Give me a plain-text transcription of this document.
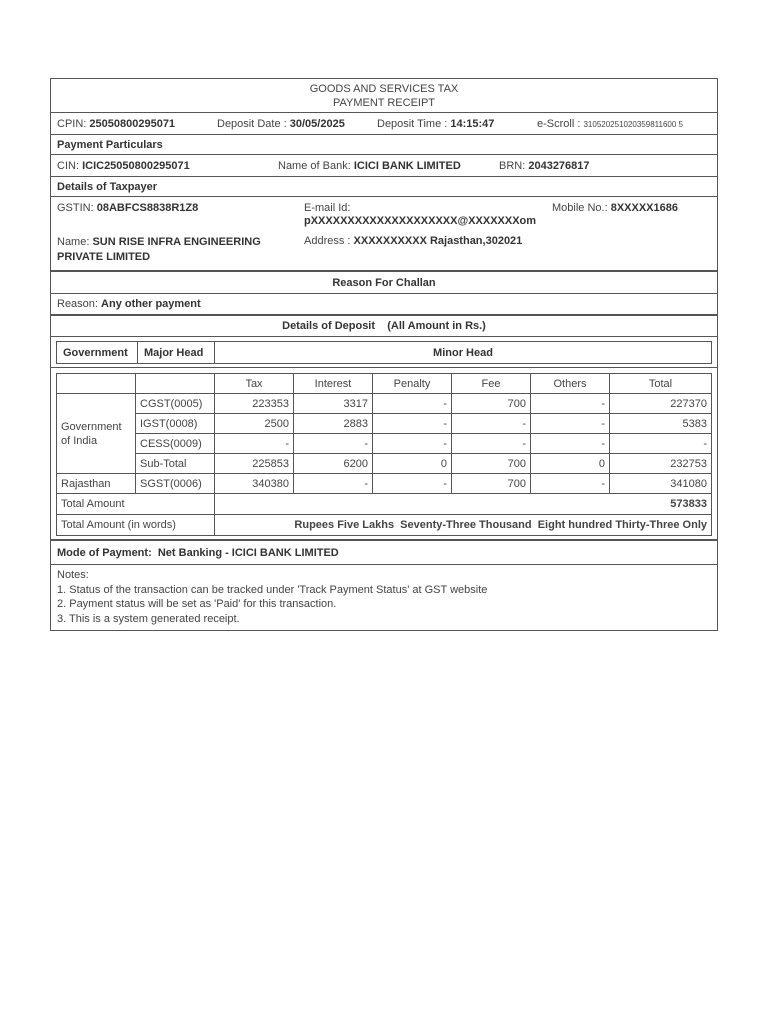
GOODS AND SERVICES TAX
PAYMENT RECEIPT
CPIN: 25050800295071	Deposit Date : 30/05/2025	Deposit Time : 14:15:47	e-Scroll : 310520251020359811600 5
Payment Particulars
CIN: ICIC25050800295071	Name of Bank: ICICI BANK LIMITED	BRN: 2043276817
Details of Taxpayer
GSTIN: 08ABFCS8838R1Z8	E-mail Id:
pXXXXXXXXXXXXXXXXXXXX@XXXXXXXom
Mobile No.: 8XXXXX1686
Name: SUN RISE INFRA ENGINEERING PRIVATE LIMITED
Address : XXXXXXXXXX Rajasthan,302021
Reason For Challan
Reason:
Any other payment
Details of Deposit (All Amount in Rs.)
Government	Major Head	Minor Head
		Tax	Interest	Penalty	Fee	Others	Total
Government of India	CGST(0005)	223353	3317	-	700	-	227370
	IGST(0008)	2500	2883	-	-	-	5383
	CESS(0009)	-	-	-	-	-	-
	Sub-Total	225853	6200	0	700	0	232753
Rajasthan	SGST(0006)	340380	-	-	700	-	341080
Total Amount		573833					
Total Amount (in words)		Rupees Five Lakhs  Seventy-Three Thousand  Eight hundred Thirty-Three Only					
Mode of Payment:
Net Banking - ICICI BANK LIMITED
Notes:
1. Status of the transaction can be tracked under 'Track Payment Status' at GST website
2. Payment status will be set as 'Paid' for this transaction.
3. This is a system generated receipt.
